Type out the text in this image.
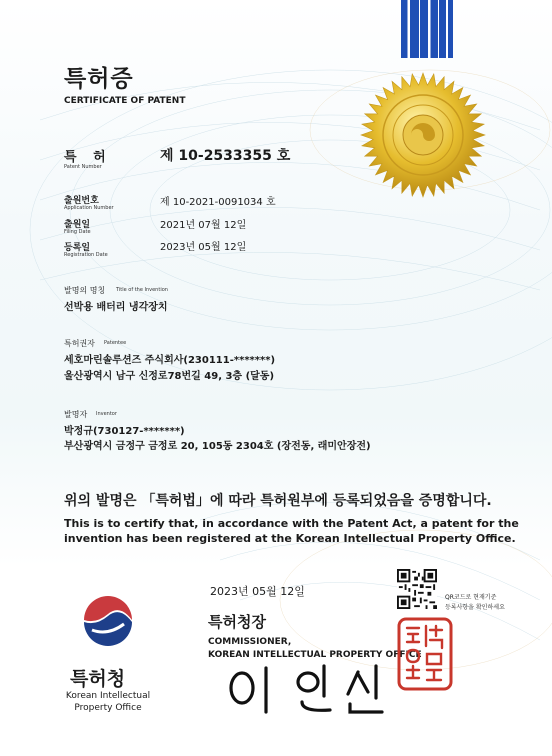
특허증
CERTIFICATE OF PATENT
특 허
Patent Number
제 10-2533355 호
출원번호
Application Number	제 10-2021-0091034 호
출원일
Filing Date
2021년 07월 12일
등록일
Registration Date
2023년 05월 12일
발명의 명칭 Title of the Invention
선박용 배터리 냉각장치
특허권자 Patentee
세호마린솔루션즈 주식회사(230111-*******)
울산광역시 남구 신정로78번길 49, 3층 (달동)
발명자 Inventor
박정규(730127-*******)
부산광역시 금정구 금정로 20, 105동 2304호 (장전동, 래미안장전)
위의 발명은 「특허법」에 따라 특허원부에 등록되었음을 증명합니다.
This is to certify that, in accordance with the Patent Act, a patent for the
invention has been registered at the Korean Intellectual Property Office.
2023년 05월 12일	QR코드로 현재기준
등록사항을 확인하세요
특허청장
COMMISSIONER,
KOREAN INTELLECTUAL PROPERTY OFFICE
특허청
Korean Intellectual
Property Office
